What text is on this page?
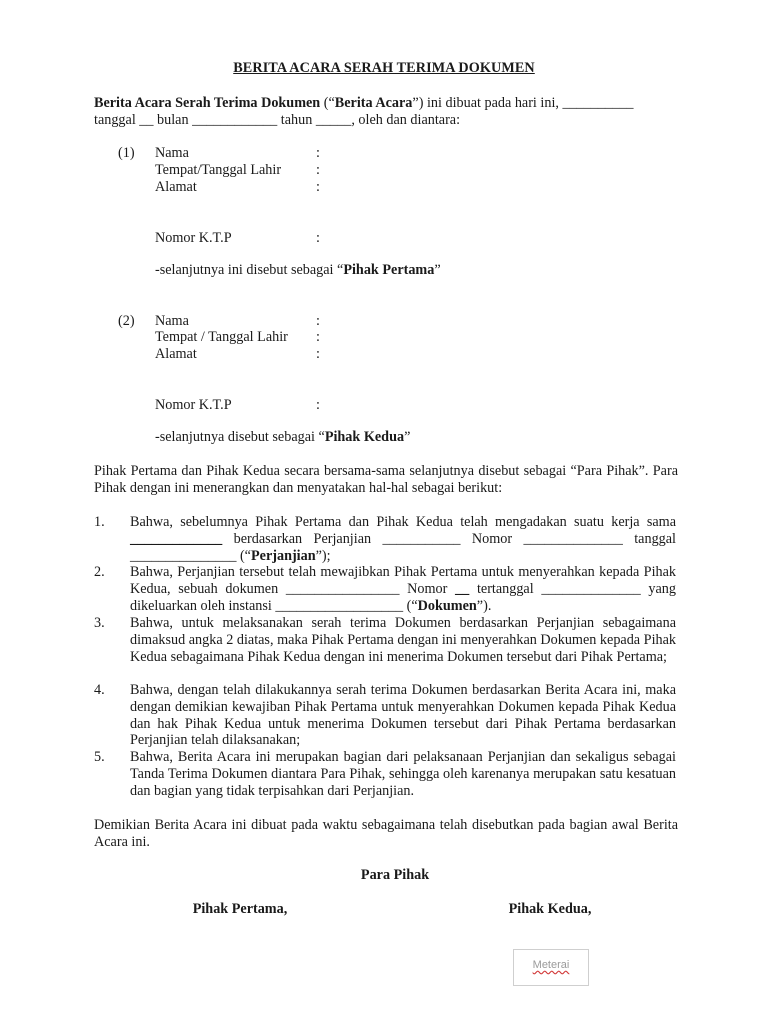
BERITA ACARA SERAH TERIMA DOKUMEN
Berita Acara Serah Terima Dokumen (“Berita Acara”) ini dibuat pada hari ini, __________
tanggal __ bulan ____________ tahun _____, oleh dan diantara:
(1) Nama	:
Tempat/Tanggal Lahir :
Alamat	:
Nomor K.T.P	:
-selanjutnya ini disebut sebagai “Pihak Pertama”
(2) Nama	:
Tempat / Tanggal Lahir :
Alamat	:
Nomor K.T.P	:
-selanjutnya disebut sebagai “Pihak Kedua”
Pihak Pertama dan Pihak Kedua secara bersama-sama selanjutnya disebut sebagai “Para Pihak”. Para Pihak dengan ini menerangkan dan menyatakan hal-hal sebagai berikut:
1. Bahwa, sebelumnya Pihak Pertama dan Pihak Kedua telah mengadakan suatu kerja sama _____________ berdasarkan Perjanjian ___________ Nomor ______________ tanggal _______________ (“Perjanjian”);
2. Bahwa, Perjanjian tersebut telah mewajibkan Pihak Pertama untuk menyerahkan kepada Pihak Kedua, sebuah dokumen ________________ Nomor __ tertanggal ______________ yang dikeluarkan oleh instansi __________________ (“Dokumen”).
3. Bahwa, untuk melaksanakan serah terima Dokumen berdasarkan Perjanjian sebagaimana dimaksud angka 2 diatas, maka Pihak Pertama dengan ini menyerahkan Dokumen kepada Pihak Kedua sebagaimana Pihak Kedua dengan ini menerima Dokumen tersebut dari Pihak Pertama;
4. Bahwa, dengan telah dilakukannya serah terima Dokumen berdasarkan Berita Acara ini, maka dengan demikian kewajiban Pihak Pertama untuk menyerahkan Dokumen kepada Pihak Kedua dan hak Pihak Kedua untuk menerima Dokumen tersebut dari Pihak Pertama berdasarkan Perjanjian telah dilaksanakan;
5. Bahwa, Berita Acara ini merupakan bagian dari pelaksanaan Perjanjian dan sekaligus sebagai Tanda Terima Dokumen diantara Para Pihak, sehingga oleh karenanya merupakan satu kesatuan dan bagian yang tidak terpisahkan dari Perjanjian.
Demikian Berita Acara ini dibuat pada waktu sebagaimana telah disebutkan pada bagian awal Berita Acara ini.
Para Pihak
Pihak Pertama,	Pihak Kedua,
Meterai
